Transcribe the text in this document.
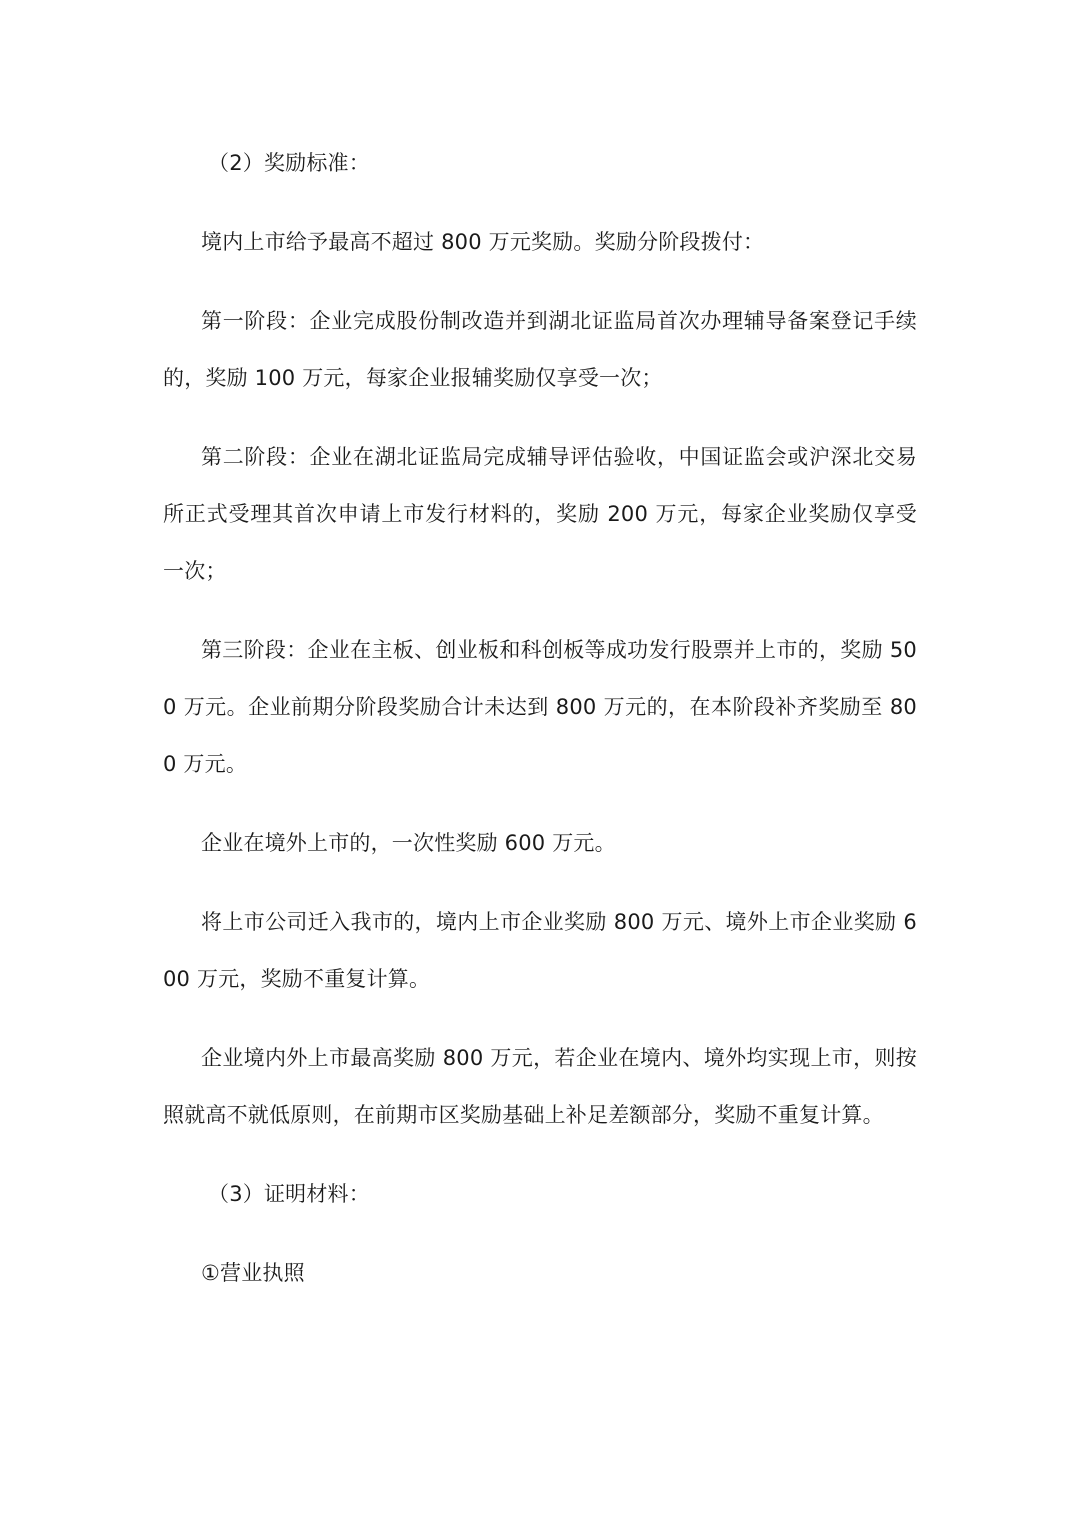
（2）奖励标准：

境内上市给予最高不超过 800 万元奖励。奖励分阶段拨付：

第一阶段：企业完成股份制改造并到湖北证监局首次办理辅导备案登记手续的，奖励 100 万元，每家企业报辅奖励仅享受一次；

第二阶段：企业在湖北证监局完成辅导评估验收，中国证监会或沪深北交易所正式受理其首次申请上市发行材料的，奖励 200 万元，每家企业奖励仅享受一次；

第三阶段：企业在主板、创业板和科创板等成功发行股票并上市的，奖励 500 万元。企业前期分阶段奖励合计未达到 800 万元的，在本阶段补齐奖励至 800 万元。

企业在境外上市的，一次性奖励 600 万元。

将上市公司迁入我市的，境内上市企业奖励 800 万元、境外上市企业奖励 600 万元，奖励不重复计算。

企业境内外上市最高奖励 800 万元，若企业在境内、境外均实现上市，则按照就高不就低原则，在前期市区奖励基础上补足差额部分，奖励不重复计算。

（3）证明材料：

①营业执照
